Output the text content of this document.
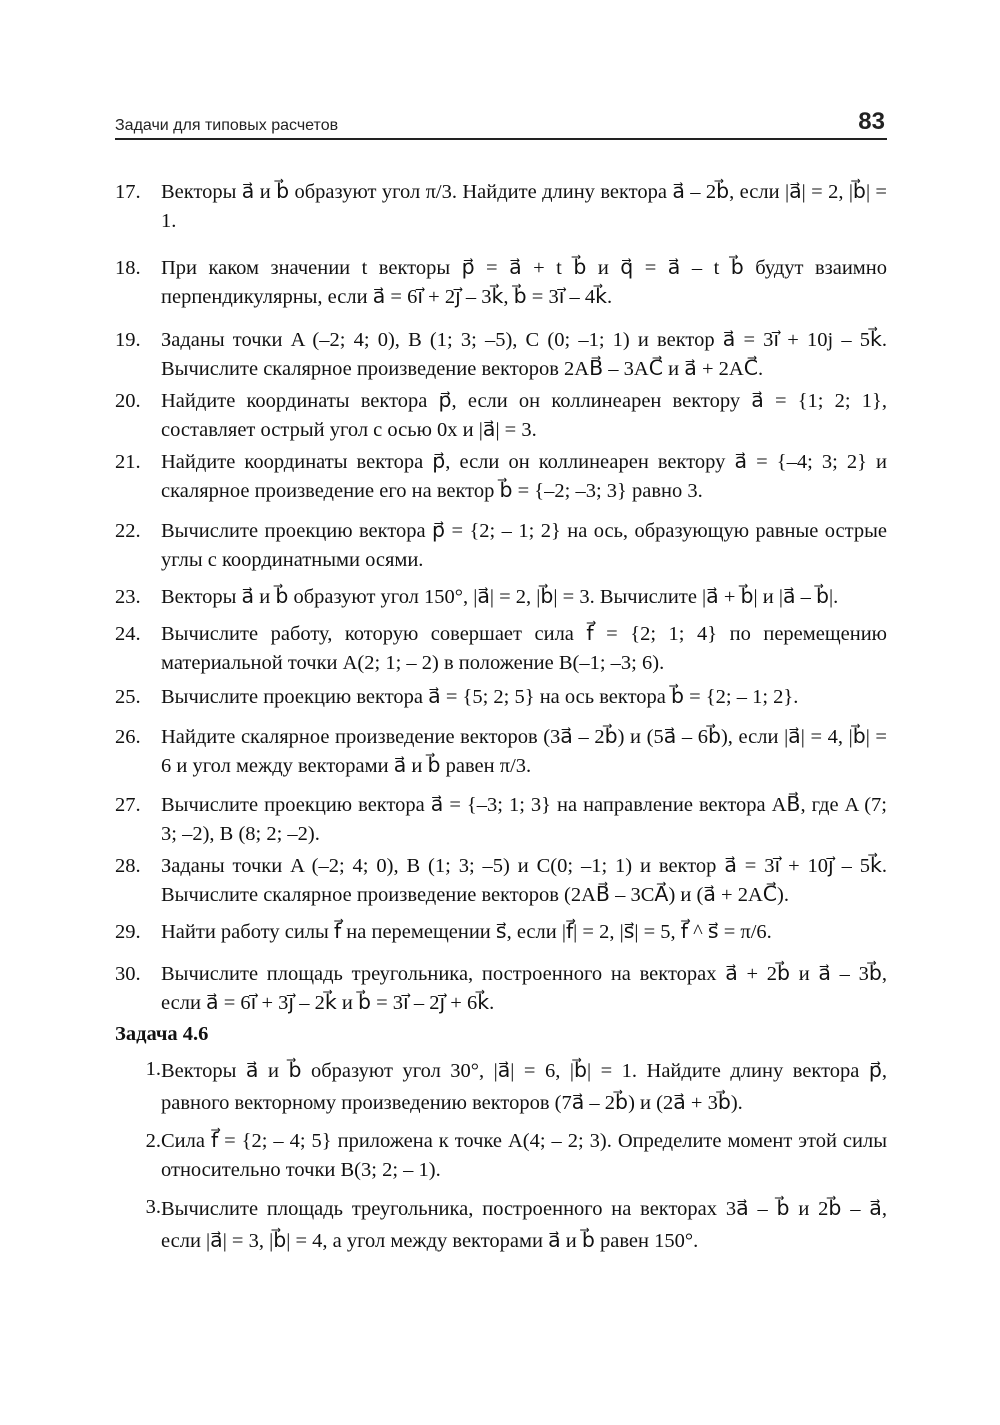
Задачи для типовых расчетов	83
17. Векторы a⃗ и b⃗ образуют угол π/3. Найдите длину вектора a⃗ – 2b⃗, если |a⃗| = 2, |b⃗| = 1.
18. При каком значении t векторы p⃗ = a⃗ + t b⃗ и q⃗ = a⃗ – t b⃗ будут взаимно перпендикулярны, если a⃗ = 6i⃗ + 2j⃗ – 3k⃗, b⃗ = 3i⃗ – 4k⃗.
19. Заданы точки A (–2; 4; 0), B (1; 3; –5), C (0; –1; 1) и вектор a⃗ = 3i⃗ + 10j – 5k⃗. Вычислите скалярное произведение векторов 2AB⃗ – 3AC⃗ и a⃗ + 2AC⃗.
20. Найдите координаты вектора p⃗, если он коллинеарен вектору a⃗ = {1; 2; 1}, составляет острый угол с осью 0x и |a⃗| = 3.
21. Найдите координаты вектора p⃗, если он коллинеарен вектору a⃗ = {–4; 3; 2} и скалярное произведение его на вектор b⃗ = {–2; –3; 3} равно 3.
22. Вычислите проекцию вектора p⃗ = {2; – 1; 2} на ось, образующую равные острые углы с координатными осями.
23. Векторы a⃗ и b⃗ образуют угол 150°, |a⃗| = 2, |b⃗| = 3. Вычислите |a⃗ + b⃗| и |a⃗ – b⃗|.
24. Вычислите работу, которую совершает сила f⃗ = {2; 1; 4} по перемещению материальной точки A(2; 1; – 2) в положение B(–1; –3; 6).
25. Вычислите проекцию вектора a⃗ = {5; 2; 5} на ось вектора b⃗ = {2; – 1; 2}.
26. Найдите скалярное произведение векторов (3a⃗ – 2b⃗) и (5a⃗ – 6b⃗), если |a⃗| = 4, |b⃗| = 6 и угол между векторами a⃗ и b⃗ равен π/3.
27. Вычислите проекцию вектора a⃗ = {–3; 1; 3} на направление вектора AB⃗, где A (7; 3; –2), B (8; 2; –2).
28. Заданы точки A (–2; 4; 0), B (1; 3; –5) и C(0; –1; 1) и вектор a⃗ = 3i⃗ + 10j⃗ – 5k⃗. Вычислите скалярное произведение векторов (2AB⃗ – 3CA⃗) и (a⃗ + 2AC⃗).
29. Найти работу силы f⃗ на перемещении s⃗, если |f⃗| = 2, |s⃗| = 5, f⃗ ^ s⃗ = π/6.
30. Вычислите площадь треугольника, построенного на векторах a⃗ + 2b⃗ и a⃗ – 3b⃗, если a⃗ = 6i⃗ + 3j⃗ – 2k⃗ и b⃗ = 3i⃗ – 2j⃗ + 6k⃗.
Задача 4.6
1. Векторы a⃗ и b⃗ образуют угол 30°, |a⃗| = 6, |b⃗| = 1. Найдите длину вектора p⃗, равного векторному произведению векторов (7a⃗ – 2b⃗) и (2a⃗ + 3b⃗).
2. Сила f⃗ = {2; – 4; 5} приложена к точке A(4; – 2; 3). Определите момент этой силы относительно точки B(3; 2; – 1).
3. Вычислите площадь треугольника, построенного на векторах 3a⃗ – b⃗ и 2b⃗ – a⃗, если |a⃗| = 3, |b⃗| = 4, а угол между векторами a⃗ и b⃗ равен 150°.
